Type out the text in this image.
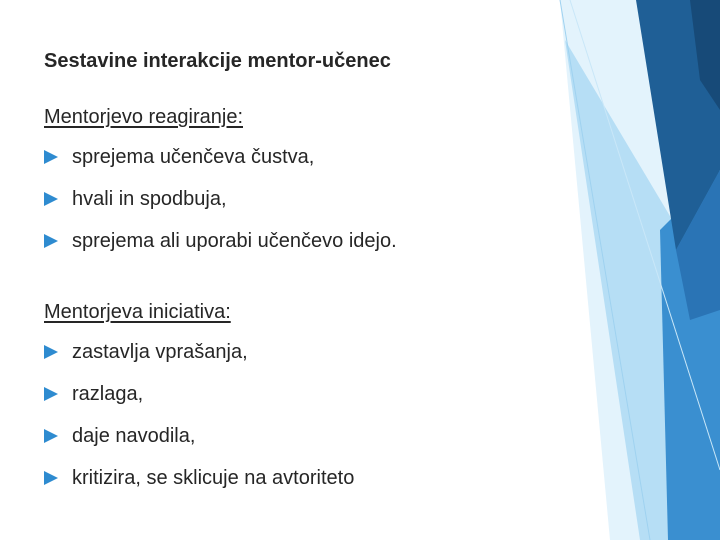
Sestavine interakcije mentor-učenec
Mentorjevo reagiranje:
sprejema učenčeva čustva,
hvali in spodbuja,
sprejema ali uporabi učenčevo idejo.
Mentorjeva iniciativa:
zastavlja vprašanja,
razlaga,
daje navodila,
kritizira, se sklicuje na avtoriteto
